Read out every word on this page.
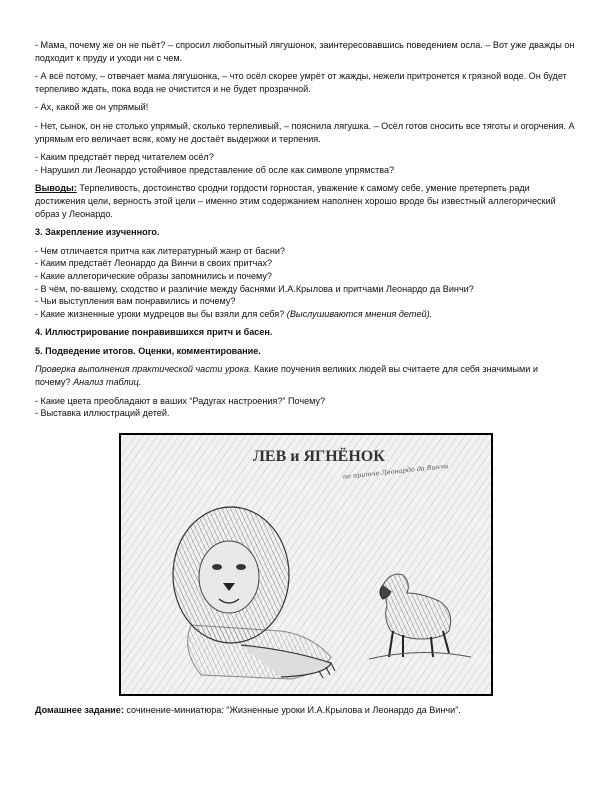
- Мама, почему же он не пьёт? – спросил любопытный лягушонок, заинтересовавшись поведением осла. – Вот уже дважды он подходит к пруду и уходи ни с чем.

- А всё потому, – отвечает мама лягушонка, – что осёл скорее умрёт от жажды, нежели притронется к грязной воде. Он будет терпеливо ждать, пока вода не очистится и не будет прозрачной.

- Ах, какой же он упрямый!

- Нет, сынок, он не столько упрямый, сколько терпеливый, – пояснила лягушка. – Осёл готов сносить все тяготы и огорчения. А упрямым его величает всяк, кому не достаёт выдержки и терпения.

- Каким предстаёт перед читателем осёл?
- Нарушил ли Леонардо устойчивое представление об осле как символе упрямства?

Выводы: Терпеливость, достоинство сродни гордости горностая, уважение к самому себе, умение претерпеть ради достижения цели, верность этой цели – именно этим содержанием наполнен хорошо вроде бы известный аллегорический образ у Леонардо.

3. Закрепление изученного.

- Чем отличается притча как литературный жанр от басни?
- Каким предстаёт Леонардо да Винчи в своих притчах?
- Какие аллегорические образы запомнились и почему?
- В чём, по-вашему, сходство и различие между баснями И.А.Крылова и притчами Леонардо да Винчи?
- Чьи выступления вам понравились и почему?
- Какие жизненные уроки мудрецов вы бы взяли для себя? (Выслушиваются мнения детей).

4. Иллюстрирование понравившихся притч и басен.

5. Подведение итогов. Оценки, комментирование.

Проверка выполнения практической части урока. Какие поучения великих людей вы считаете для себя значимыми и почему? Анализ таблиц.

- Какие цвета преобладают в ваших “Радугах настроения?” Почему?
- Выставка иллюстраций детей.

ЛЕВ и ЯГНЁНОК
по притче Леонардо да Винчи
Домашнее задание: сочинение-миниатюра: “Жизненные уроки И.А.Крылова и Леонардо да Винчи”.
